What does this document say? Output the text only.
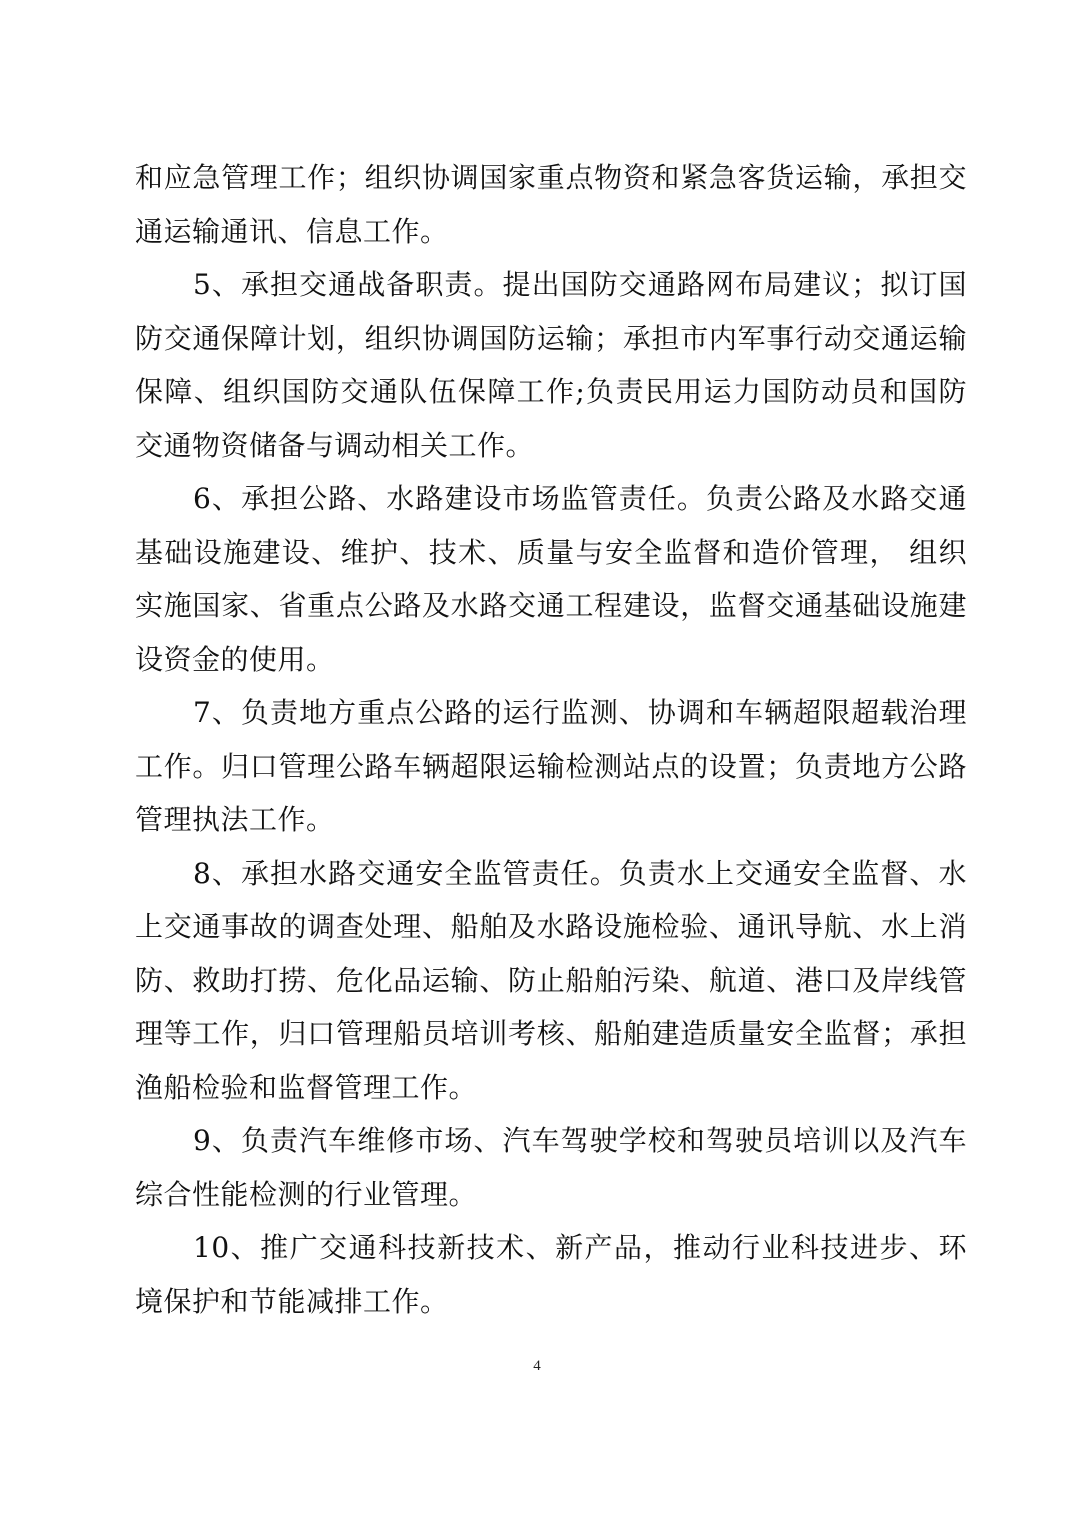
和应急管理工作；组织协调国家重点物资和紧急客货运输，承担交通运输通讯、信息工作。

5、承担交通战备职责。提出国防交通路网布局建议；拟订国防交通保障计划，组织协调国防运输；承担市内军事行动交通运输保障、组织国防交通队伍保障工作;负责民用运力国防动员和国防交通物资储备与调动相关工作。

6、承担公路、水路建设市场监管责任。负责公路及水路交通基础设施建设、维护、技术、质量与安全监督和造价管理， 组织实施国家、省重点公路及水路交通工程建设，监督交通基础设施建设资金的使用。

7、负责地方重点公路的运行监测、协调和车辆超限超载治理工作。归口管理公路车辆超限运输检测站点的设置；负责地方公路管理执法工作。

8、承担水路交通安全监管责任。负责水上交通安全监督、水上交通事故的调查处理、船舶及水路设施检验、通讯导航、水上消防、救助打捞、危化品运输、防止船舶污染、航道、港口及岸线管理等工作，归口管理船员培训考核、船舶建造质量安全监督；承担渔船检验和监督管理工作。

9、负责汽车维修市场、汽车驾驶学校和驾驶员培训以及汽车综合性能检测的行业管理。

10、推广交通科技新技术、新产品，推动行业科技进步、环境保护和节能减排工作。

4
